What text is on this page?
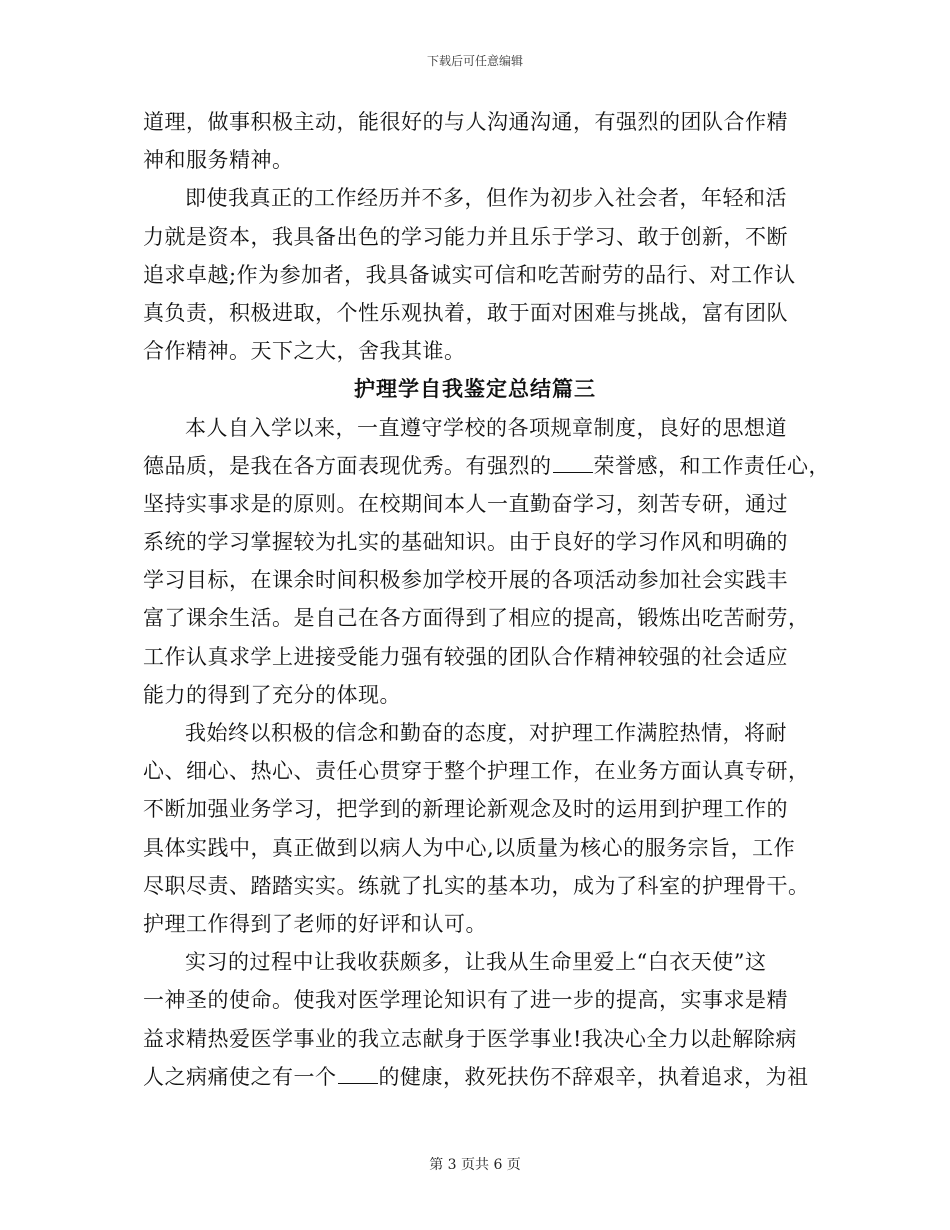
下载后可任意编辑
道理，做事积极主动，能很好的与人沟通沟通，有强烈的团队合作精
神和服务精神。
即使我真正的工作经历并不多，但作为初步入社会者，年轻和活
力就是资本，我具备出色的学习能力并且乐于学习、敢于创新，不断
追求卓越;作为参加者，我具备诚实可信和吃苦耐劳的品行、对工作认
真负责，积极进取，个性乐观执着，敢于面对困难与挑战，富有团队
合作精神。天下之大，舍我其谁。
护理学自我鉴定总结篇三
本人自入学以来，一直遵守学校的各项规章制度，良好的思想道
德品质，是我在各方面表现优秀。有强烈的 荣誉感，和工作责任心，
坚持实事求是的原则。在校期间本人一直勤奋学习，刻苦专研，通过
系统的学习掌握较为扎实的基础知识。由于良好的学习作风和明确的
学习目标，在课余时间积极参加学校开展的各项活动参加社会实践丰
富了课余生活。是自己在各方面得到了相应的提高，锻炼出吃苦耐劳，
工作认真求学上进接受能力强有较强的团队合作精神较强的社会适应
能力的得到了充分的体现。
我始终以积极的信念和勤奋的态度，对护理工作满腔热情，将耐
心、细心、热心、责任心贯穿于整个护理工作，在业务方面认真专研，
不断加强业务学习，把学到的新理论新观念及时的运用到护理工作的
具体实践中，真正做到以病人为中心,以质量为核心的服务宗旨，工作
尽职尽责、踏踏实实。练就了扎实的基本功，成为了科室的护理骨干。
护理工作得到了老师的好评和认可。
实习的过程中让我收获颇多，让我从生命里爱上“白衣天使”这
一神圣的使命。使我对医学理论知识有了进一步的提高，实事求是精
益求精热爱医学事业的我立志献身于医学事业!我决心全力以赴解除病
人之病痛使之有一个 的健康，救死扶伤不辞艰辛，执着追求，为祖
第 3 页共 6 页
